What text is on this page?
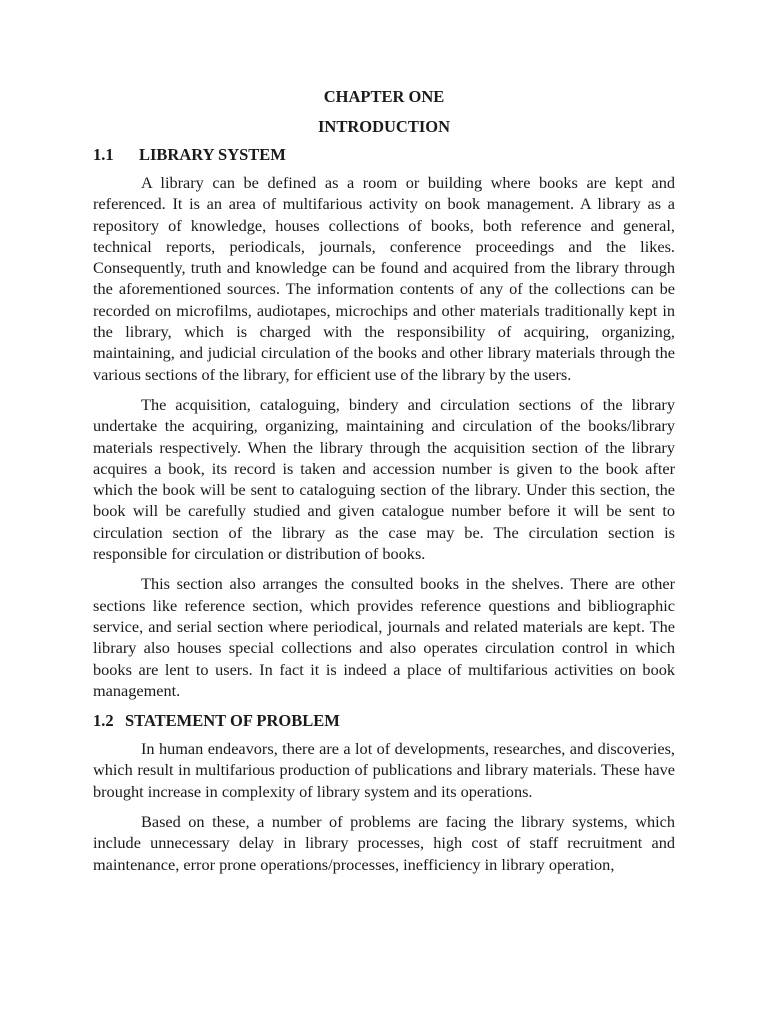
CHAPTER ONE
INTRODUCTION
1.1 LIBRARY SYSTEM

A library can be defined as a room or building where books are kept and referenced. It is an area of multifarious activity on book management. A library as a repository of knowledge, houses collections of books, both reference and general, technical reports, periodicals, journals, conference proceedings and the likes. Consequently, truth and knowledge can be found and acquired from the library through the aforementioned sources. The information contents of any of the collections can be recorded on microfilms, audiotapes, microchips and other materials traditionally kept in the library, which is charged with the responsibility of acquiring, organizing, maintaining, and judicial circulation of the books and other library materials through the various sections of the library, for efficient use of the library by the users.

The acquisition, cataloguing, bindery and circulation sections of the library undertake the acquiring, organizing, maintaining and circulation of the books/library materials respectively. When the library through the acquisition section of the library acquires a book, its record is taken and accession number is given to the book after which the book will be sent to cataloguing section of the library. Under this section, the book will be carefully studied and given catalogue number before it will be sent to circulation section of the library as the case may be. The circulation section is responsible for circulation or distribution of books.

This section also arranges the consulted books in the shelves. There are other sections like reference section, which provides reference questions and bibliographic service, and serial section where periodical, journals and related materials are kept. The library also houses special collections and also operates circulation control in which books are lent to users. In fact it is indeed a place of multifarious activities on book management.

1.2 STATEMENT OF PROBLEM

In human endeavors, there are a lot of developments, researches, and discoveries, which result in multifarious production of publications and library materials. These have brought increase in complexity of library system and its operations.

Based on these, a number of problems are facing the library systems, which include unnecessary delay in library processes, high cost of staff recruitment and maintenance, error prone operations/processes, inefficiency in library operation,
